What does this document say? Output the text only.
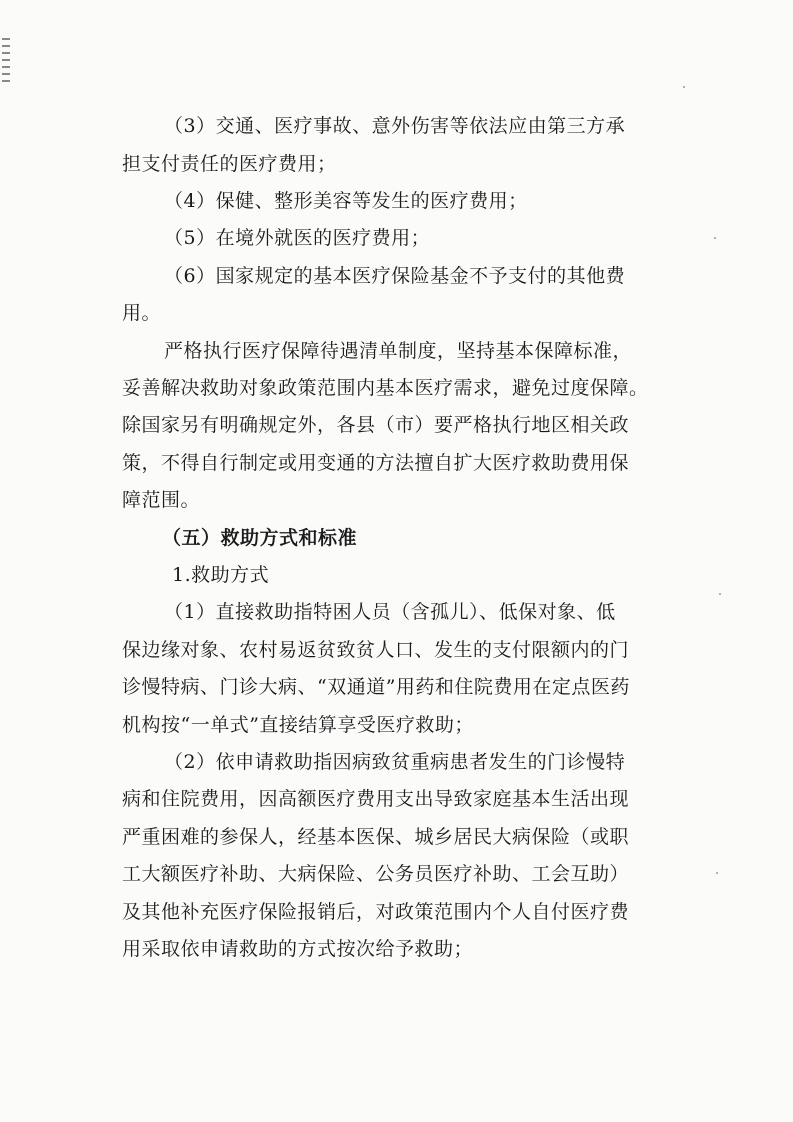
（3）交通、医疗事故、意外伤害等依法应由第三方承
担支付责任的医疗费用；
（4）保健、整形美容等发生的医疗费用；
（5）在境外就医的医疗费用；
（6）国家规定的基本医疗保险基金不予支付的其他费
用。
严格执行医疗保障待遇清单制度，坚持基本保障标准，
妥善解决救助对象政策范围内基本医疗需求，避免过度保障。
除国家另有明确规定外，各县（市）要严格执行地区相关政
策，不得自行制定或用变通的方法擅自扩大医疗救助费用保
障范围。
（五）救助方式和标准
1.救助方式
（1）直接救助指特困人员（含孤儿）、低保对象、低
保边缘对象、农村易返贫致贫人口、发生的支付限额内的门
诊慢特病、门诊大病、“双通道”用药和住院费用在定点医药
机构按“一单式”直接结算享受医疗救助；
（2）依申请救助指因病致贫重病患者发生的门诊慢特
病和住院费用，因高额医疗费用支出导致家庭基本生活出现
严重困难的参保人，经基本医保、城乡居民大病保险（或职
工大额医疗补助、大病保险、公务员医疗补助、工会互助）
及其他补充医疗保险报销后，对政策范围内个人自付医疗费
用采取依申请救助的方式按次给予救助；
